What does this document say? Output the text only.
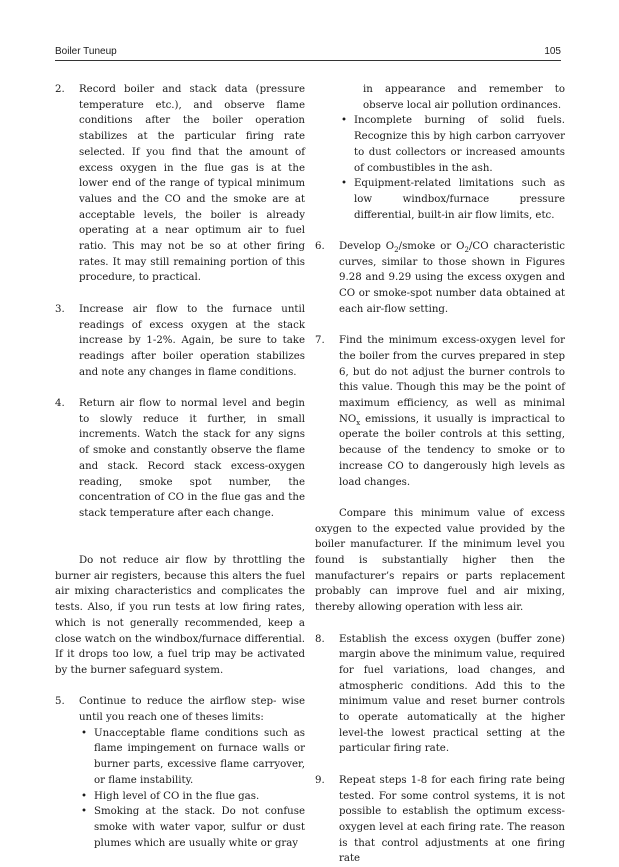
Boiler Tuneup	105
2. Record boiler and stack data (pressure temperature etc.), and observe flame conditions after the boiler operation stabilizes at the particular firing rate selected. If you find that the amount of excess oxygen in the flue gas is at the lower end of the range of typical minimum values and the CO and the smoke are at acceptable levels, the boiler is already operating at a near optimum air to fuel ratio. This may not be so at other firing rates. It may still remaining portion of this procedure, to practical.
3. Increase air flow to the furnace until readings of excess oxygen at the stack increase by 1-2%. Again, be sure to take readings after boiler operation stabilizes and note any changes in flame conditions.
4. Return air flow to normal level and begin to slowly reduce it further, in small increments. Watch the stack for any signs of smoke and constantly observe the flame and stack. Record stack excess-oxygen reading, smoke spot number, the concentration of CO in the flue gas and the stack temperature after each change.
Do not reduce air flow by throttling the burner air registers, because this alters the fuel air mixing characteristics and complicates the tests. Also, if you run tests at low firing rates, which is not generally recommended, keep a close watch on the windbox/furnace differential. If it drops too low, a fuel trip may be activated by the burner safeguard system.
5. Continue to reduce the airflow step- wise until you reach one of theses limits:
• Unacceptable flame conditions such as flame impingement on furnace walls or burner parts, excessive flame carryover, or flame instability.
• High level of CO in the flue gas.
• Smoking at the stack. Do not confuse smoke with water vapor, sulfur or dust plumes which are usually white or gray
in appearance and remember to observe local air pollution ordinances.
• Incomplete burning of solid fuels. Recognize this by high carbon carryover to dust collectors or increased amounts of combustibles in the ash.
• Equipment-related limitations such as low windbox/furnace pressure differential, built-in air flow limits, etc.
6. Develop $O_2$/smoke or $O_2/CO$ characteristic curves, similar to those shown in Figures 9.28 and 9.29 using the excess oxygen and CO or smoke-spot number data obtained at each air-flow setting.
7. Find the minimum excess-oxygen level for the boiler from the curves prepared in step 6, but do not adjust the burner controls to this value. Though this may be the point of maximum efficiency, as well as minimal $NO_x$ emissions, it usually is impractical to operate the boiler controls at this setting, because of the tendency to smoke or to increase CO to dangerously high levels as load changes.
Compare this minimum value of excess oxygen to the expected value provided by the boiler manufacturer. If the minimum level you found is substantially higher then the manufacturer’s repairs or parts replacement probably can improve fuel and air mixing, thereby allowing operation with less air.
8. Establish the excess oxygen (buffer zone) margin above the minimum value, required for fuel variations, load changes, and atmospheric conditions. Add this to the minimum value and reset burner controls to operate automatically at the higher level-the lowest practical setting at the particular firing rate.
9. Repeat steps 1-8 for each firing rate being tested. For some control systems, it is not possible to establish the optimum excess-oxygen level at each firing rate. The reason is that control adjustments at one firing rate
